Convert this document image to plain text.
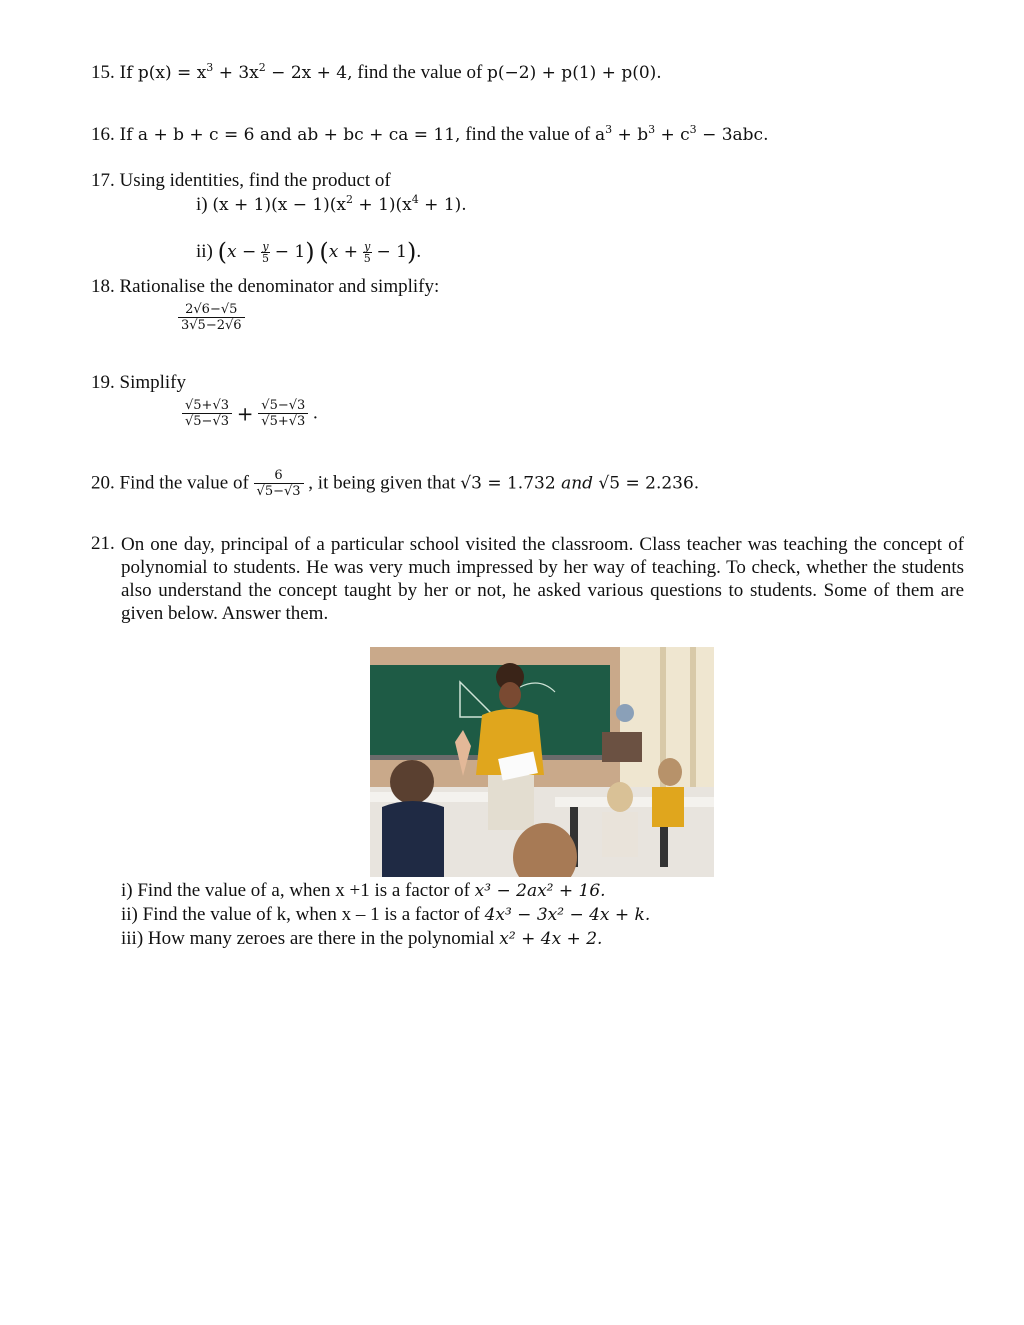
15. If $p(x) = x^3 + 3x^2 - 2x + 4$, find the value of p(−2) + p(1) + p(0).
16. If a + b + c = 6 and ab + bc + ca = 11, find the value of $a^3 + b^3 + c^3 - 3abc$.
17. Using identities, find the product of
i) $(x + 1)(x - 1)(x^2 + 1)(x^4 + 1)$.
ii) $(x - \frac{y}{5} - 1)$ $(x + \frac{y}{5} - 1)$.
18. Rationalise the denominator and simplify:
$\frac{2√6-√5}{3√5-2√6}$
19. Simplify
$\frac{√5+√3}{√5-√3} + \frac{√5-√3}{√5+√3}$ .
20. Find the value of $\frac{6}{√5-√3}$ , it being given that √3 = 1.732 and √5 = 2.236.
21. On one day, principal of a particular school visited the classroom. Class teacher was teaching the concept of polynomial to students. He was very much impressed by her way of teaching. To check, whether the students also understand the concept taught by her or not, he asked various questions to students. Some of them are given below. Answer them.
i) Find the value of a, when x +1 is a factor of x³ − 2ax² + 16.
ii) Find the value of k, when x – 1 is a factor of 4x³ − 3x² − 4x + k.
iii) How many zeroes are there in the polynomial x² + 4x + 2.
